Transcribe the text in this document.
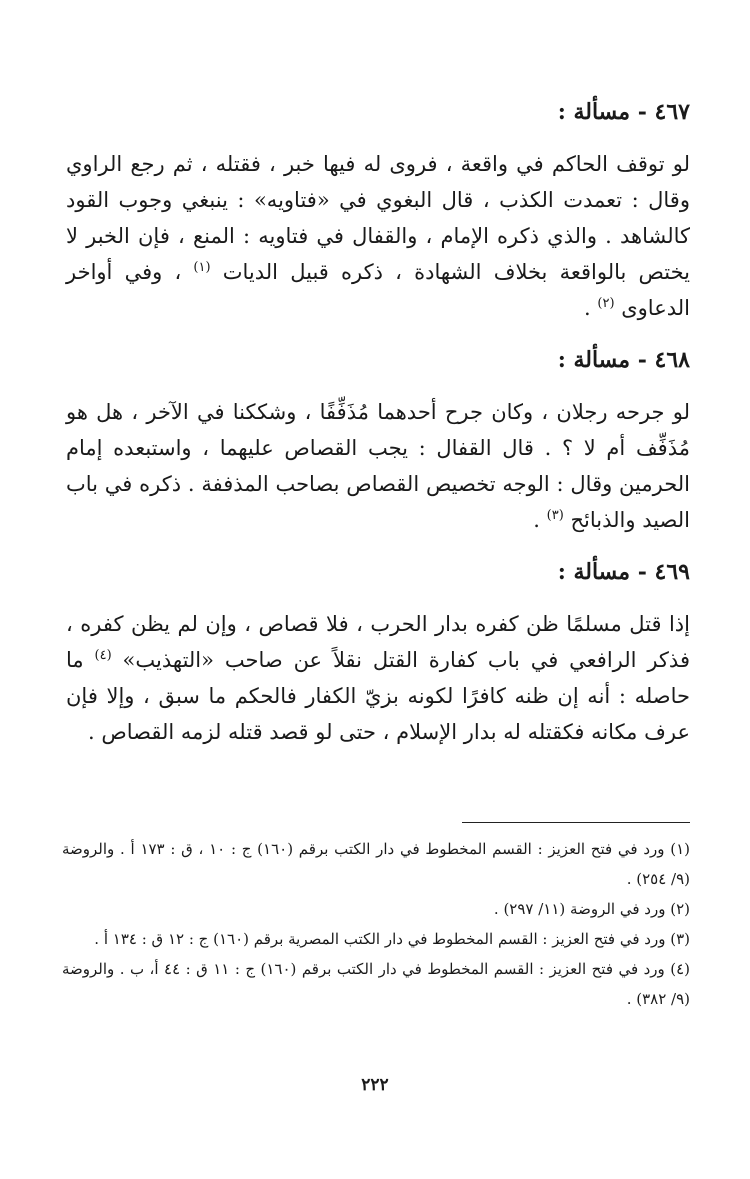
٤٦٧ - مسألة :

لو توقف الحاكم في واقعة ، فروى له فيها خبر ، فقتله ، ثم رجع الراوي وقال : تعمدت الكذب ، قال البغوي في «فتاويه» : ينبغي وجوب القود كالشاهد . والذي ذكره الإمام ، والقفال في فتاويه : المنع ، فإن الخبر لا يختص بالواقعة بخلاف الشهادة ، ذكره قبيل الديات $^{(١)}$ ، وفي أواخر الدعاوى $^{(٢)}$ .

٤٦٨ - مسألة :

لو جرحه رجلان ، وكان جرح أحدهما مُذَفِّفًا ، وشككنا في الآخر ، هل هو مُذَفِّف أم لا ؟ . قال القفال : يجب القصاص عليهما ، واستبعده إمام الحرمين وقال : الوجه تخصيص القصاص بصاحب المذففة . ذكره في باب الصيد والذبائح $^{(٣)}$ .

٤٦٩ - مسألة :

إذا قتل مسلمًا ظن كفره بدار الحرب ، فلا قصاص ، وإن لم يظن كفره ، فذكر الرافعي في باب كفارة القتل نقلاً عن صاحب «التهذيب» $^{(٤)}$ ما حاصله : أنه إن ظنه كافرًا لكونه بزيّ الكفار فالحكم ما سبق ، وإلا فإن عرف مكانه فكقتله له بدار الإسلام ، حتى لو قصد قتله لزمه القصاص .

(١) ورد في فتح العزيز : القسم المخطوط في دار الكتب برقم (١٦٠) ج : ١٠ ، ق : ١٧٣ أ . والروضة (٩/ ٢٥٤) .

(٢) ورد في الروضة (١١/ ٢٩٧) .

(٣) ورد في فتح العزيز : القسم المخطوط في دار الكتب المصرية برقم (١٦٠) ج : ١٢ ق : ١٣٤ أ .

(٤) ورد في فتح العزيز : القسم المخطوط في دار الكتب برقم (١٦٠) ج : ١١ ق : ٤٤ أ، ب . والروضة (٩/ ٣٨٢) .

٢٢٢
